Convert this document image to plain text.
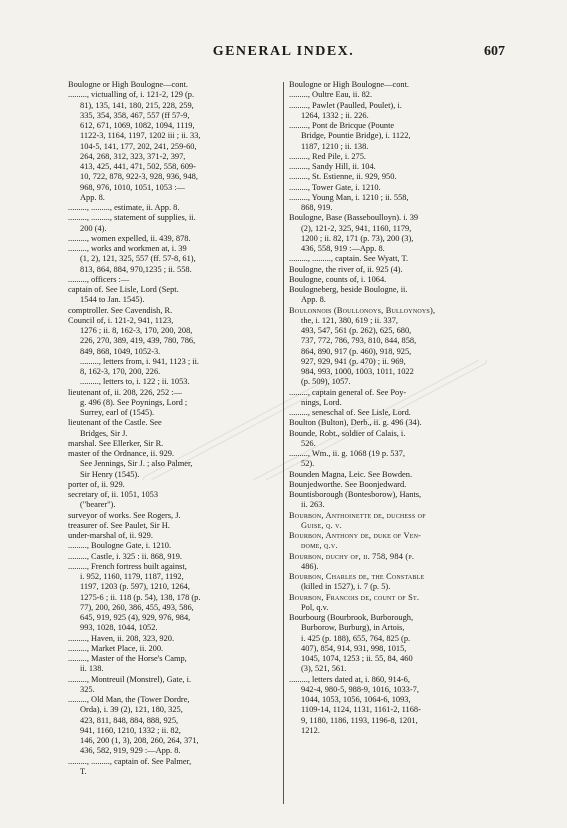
GENERAL INDEX.	607
Boulogne or High Boulogne—cont.
........., victualling of, i. 121-2, 129 (p.
81), 135, 141, 180, 215, 228, 259,
335, 354, 358, 467, 557 (ff 57-9,
612, 671, 1069, 1082, 1094, 1119,
1122-3, 1164, 1197, 1202 iii ; ii. 33,
104-5, 141, 177, 202, 241, 259-60,
264, 268, 312, 323, 371-2, 397,
413, 425, 441, 471, 502, 558, 609-
10, 722, 878, 922-3, 928, 936, 948,
968, 976, 1010, 1051, 1053 :—
App. 8.
........., ........., estimate, ii. App. 8.
........., ........., statement of supplies, ii.
200 (4).
........., women expelled, ii. 439, 878.
........., works and workmen at, i. 39
(1, 2), 121, 325, 557 (ff. 57-8, 61),
813, 864, 884, 970,1235 ; ii. 558.
........., officers :—
captain of. See Lisle, Lord (Sept.
1544 to Jan. 1545).
comptroller. See Cavendish, R.
Council of, i. 121-2, 941, 1123,
1276 ; ii. 8, 162-3, 170, 200, 208,
226, 270, 389, 419, 439, 780, 786,
849, 868, 1049, 1052-3.
........., letters from, i. 941, 1123 ; ii.
8, 162-3, 170, 200, 226.
........., letters to, i. 122 ; ii. 1053.
lieutenant of, ii. 208, 226, 252 :—
g. 496 (8). See Poynings, Lord ;
Surrey, earl of (1545).
lieutenant of the Castle. See
Bridges, Sir J.
marshal. See Ellerker, Sir R.
master of the Ordnance, ii. 929.
See Jennings, Sir J. ; also Palmer,
Sir Henry (1545).
porter of, ii. 929.
secretary of, ii. 1051, 1053
("bearer").
surveyor of works. See Rogers, J.
treasurer of. See Paulet, Sir H.
under-marshal of, ii. 929.
........., Boulogne Gate, i. 1210.
........., Castle, i. 325 : ii. 868, 919.
........., French fortress built against,
i. 952, 1160, 1179, 1187, 1192,
1197, 1203 (p. 597), 1210, 1264,
1275-6 ; ii. 118 (p. 54), 138, 178 (p.
77), 200, 260, 386, 455, 493, 586,
645, 919, 925 (4), 929, 976, 984,
993, 1028, 1044, 1052.
........., Haven, ii. 208, 323, 920.
........., Market Place, ii. 200.
........., Master of the Horse's Camp,
ii. 138.
........., Montreuil (Monstrel), Gate, i.
325.
........., Old Man, the (Tower Dordre,
Orda), i. 39 (2), 121, 180, 325,
423, 811, 848, 884, 888, 925,
941, 1160, 1210, 1332 ; ii. 82,
146, 200 (1, 3), 208, 260, 264, 371,
436, 582, 919, 929 :—App. 8.
........., ........., captain of. See Palmer,
T.
Boulogne or High Boulogne—cont.
........., Oultre Eau, ii. 82.
........., Pawlet (Paulled, Poulet), i.
1264, 1332 ; ii. 226.
........., Pont de Bricque (Pounte
Bridge, Pountie Bridge), i. 1122,
1187, 1210 ; ii. 138.
........., Red Pile, i. 275.
........., Sandy Hill, ii. 104.
........., St. Estienne, ii. 929, 950.
........., Tower Gate, i. 1210.
........., Young Man, i. 1210 ; ii. 558,
868, 919.
Boulogne, Base (Basseboulloyn). i. 39
(2), 121-2, 325, 941, 1160, 1179,
1200 ; ii. 82, 171 (p. 73), 200 (3),
436, 558, 919 :—App. 8.
........., ........., captain. See Wyatt, T.
Boulogne, the river of, ii. 925 (4).
Boulogne, counts of, i. 1064.
Boulogneberg, beside Boulogne, ii.
App. 8.
Boulonnois (Boullonoys, Bulloynoys),
the, i. 121, 380, 619 ; ii. 337,
493, 547, 561 (p. 262), 625, 680,
737, 772, 786, 793, 810, 844, 858,
864, 890, 917 (p. 460), 918, 925,
927, 929, 941 (p. 470) ; ii. 969,
984, 993, 1000, 1003, 1011, 1022
(p. 509), 1057.
........., captain general of. See Poy-
nings, Lord.
........., seneschal of. See Lisle, Lord.
Boulton (Bulton), Derb., ii. g. 496 (34).
Bounde, Robt., soldier of Calais, i.
526.
........., Wm., ii. g. 1068 (19 p. 537,
52).
Bounden Magna, Leic. See Bowden.
Bounjedworthe. See Boonjedward.
Bountisborough (Bontesborow), Hants,
ii. 263.
Bourbon, Anthoinette de, duchess of
Guise, q. v.
Bourbon, Anthony de, duke of Ven-
dome, q.v.
Bourbon, duchy of, ii. 758, 984 (p.
486).
Bourbon, Charles de, the Constable
(killed in 1527), i. 7 (p. 5).
Bourbon, Francois de, count of St.
Pol, q.v.
Bourbourg (Bourbrook, Burborough,
Burborow, Burburg), in Artois,
i. 425 (p. 188), 655, 764, 825 (p.
407), 854, 914, 931, 998, 1015,
1045, 1074, 1253 ; ii. 55, 84, 460
(3), 521, 561.
........., letters dated at, i. 860, 914-6,
942-4, 980-5, 988-9, 1016, 1033-7,
1044, 1053, 1056, 1064-6, 1093,
1109-14, 1124, 1131, 1161-2, 1168-
9, 1180, 1186, 1193, 1196-8, 1201,
1212.
